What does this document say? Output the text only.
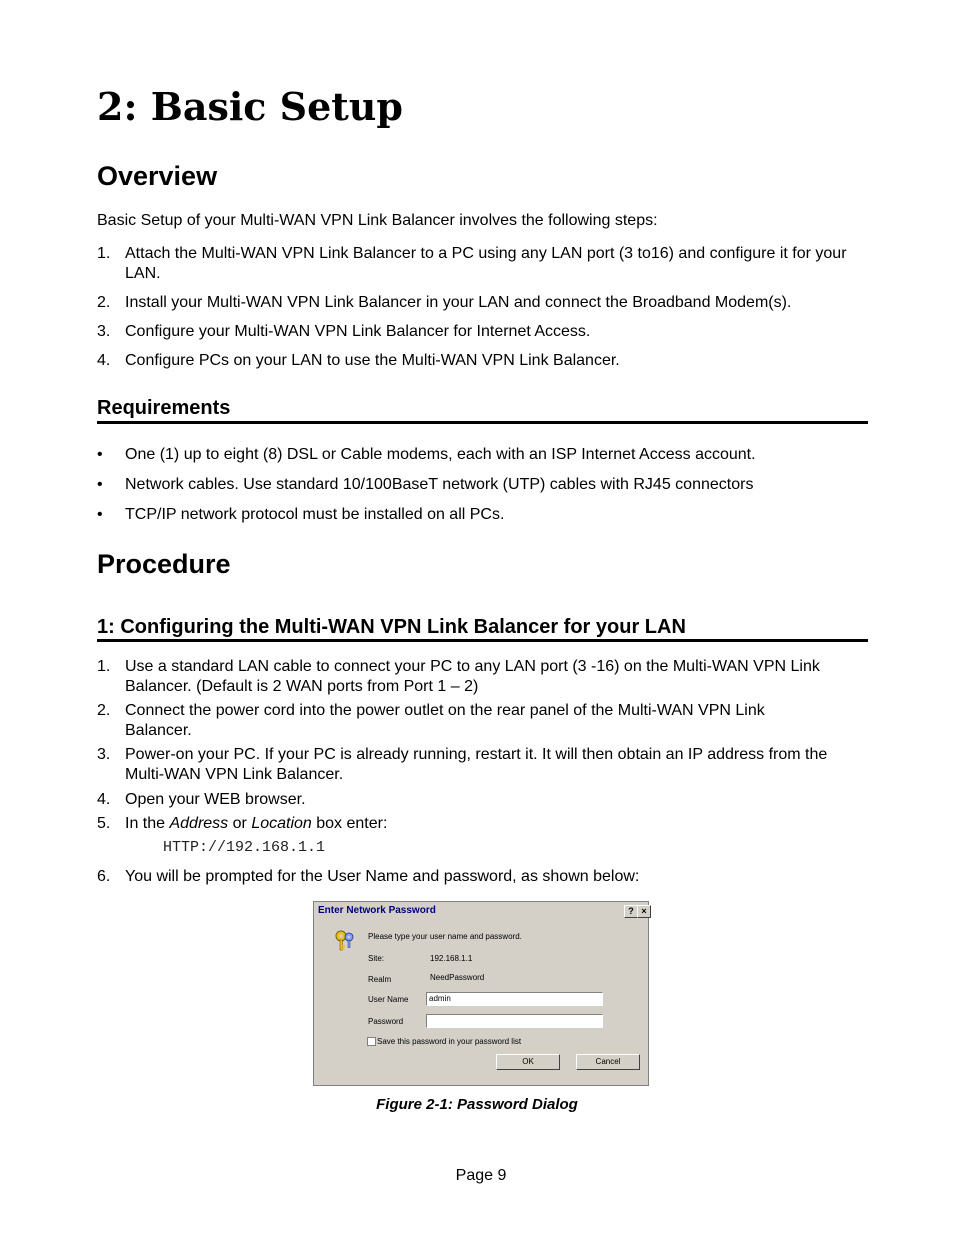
2: Basic Setup
Overview

Basic Setup of your Multi-WAN VPN Link Balancer involves the following steps:

1. Attach the Multi-WAN VPN Link Balancer to a PC using any LAN port (3 to16) and configure it for your LAN.
2. Install your Multi-WAN VPN Link Balancer in your LAN and connect the Broadband Modem(s).
3. Configure your Multi-WAN VPN Link Balancer for Internet Access.
4. Configure PCs on your LAN to use the Multi-WAN VPN Link Balancer.
Requirements
•	One (1) up to eight (8) DSL or Cable modems, each with an ISP Internet Access account.
•	Network cables. Use standard 10/100BaseT network (UTP) cables with RJ45 connectors
•	TCP/IP network protocol must be installed on all PCs.
Procedure
1: Configuring the Multi-WAN VPN Link Balancer for your LAN
1. Use a standard LAN cable to connect your PC to any LAN port (3 -16) on the Multi-WAN VPN Link Balancer. (Default is 2 WAN ports from Port 1 – 2)
2. Connect the power cord into the power outlet on the rear panel of the Multi-WAN VPN Link Balancer.
3. Power-on your PC. If your PC is already running, restart it. It will then obtain an IP address from the Multi-WAN VPN Link Balancer.
4. Open your WEB browser.
5. In the Address or Location box enter:
HTTP://192.168.1.1
6. You will be prompted for the User Name and password, as shown below:
Enter Network Password	? ×
Please type your user name and password.
Site:	192.168.1.1
Realm	NeedPassword
User Name	admin
Password
Save this password in your password list
OK	Cancel
Figure 2-1: Password Dialog
Page 9
